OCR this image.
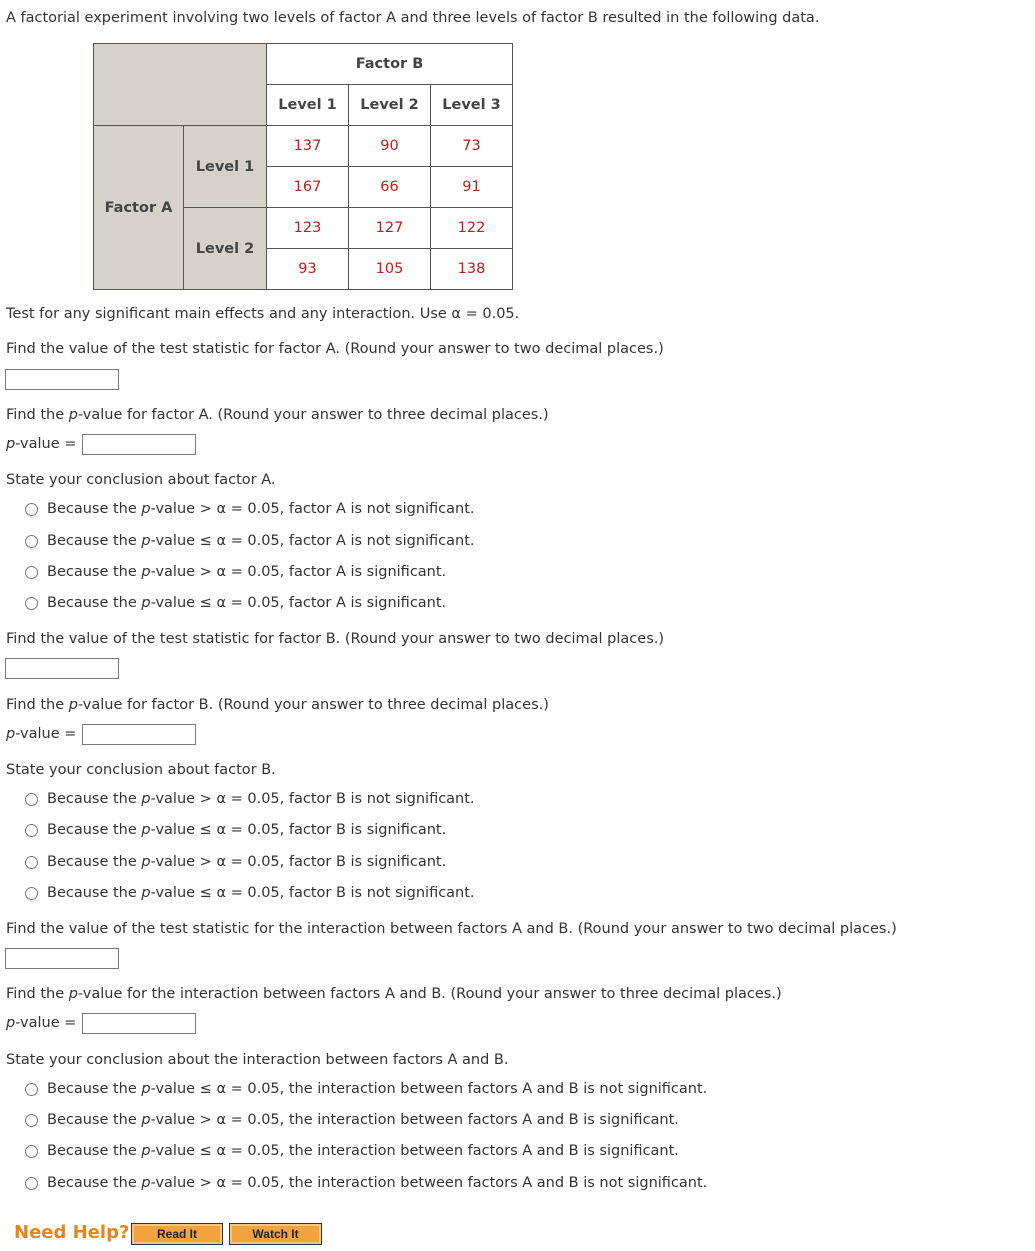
A factorial experiment involving two levels of factor A and three levels of factor B resulted in the following data.
		Factor B		
		Level 1	Level 2	Level 3
Factor A	Level 1	137	90	73
		167	66	91
	Level 2	123	127	122
		93	105	138
Test for any significant main effects and any interaction. Use α = 0.05.
Find the value of the test statistic for factor A. (Round your answer to two decimal places.)
Find the p-value for factor A. (Round your answer to three decimal places.)
p-value =
State your conclusion about factor A.
Because the p-value > α = 0.05, factor A is not significant.
Because the p-value ≤ α = 0.05, factor A is not significant.
Because the p-value > α = 0.05, factor A is significant.
Because the p-value ≤ α = 0.05, factor A is significant.
Find the value of the test statistic for factor B. (Round your answer to two decimal places.)
Find the p-value for factor B. (Round your answer to three decimal places.)
p-value =
State your conclusion about factor B.
Because the p-value > α = 0.05, factor B is not significant.
Because the p-value ≤ α = 0.05, factor B is significant.
Because the p-value > α = 0.05, factor B is significant.
Because the p-value ≤ α = 0.05, factor B is not significant.
Find the value of the test statistic for the interaction between factors A and B. (Round your answer to two decimal places.)
Find the p-value for the interaction between factors A and B. (Round your answer to three decimal places.)
p-value =
State your conclusion about the interaction between factors A and B.
Because the p-value ≤ α = 0.05, the interaction between factors A and B is not significant.
Because the p-value > α = 0.05, the interaction between factors A and B is significant.
Because the p-value ≤ α = 0.05, the interaction between factors A and B is significant.
Because the p-value > α = 0.05, the interaction between factors A and B is not significant.
Need Help?	Read It	Watch It
